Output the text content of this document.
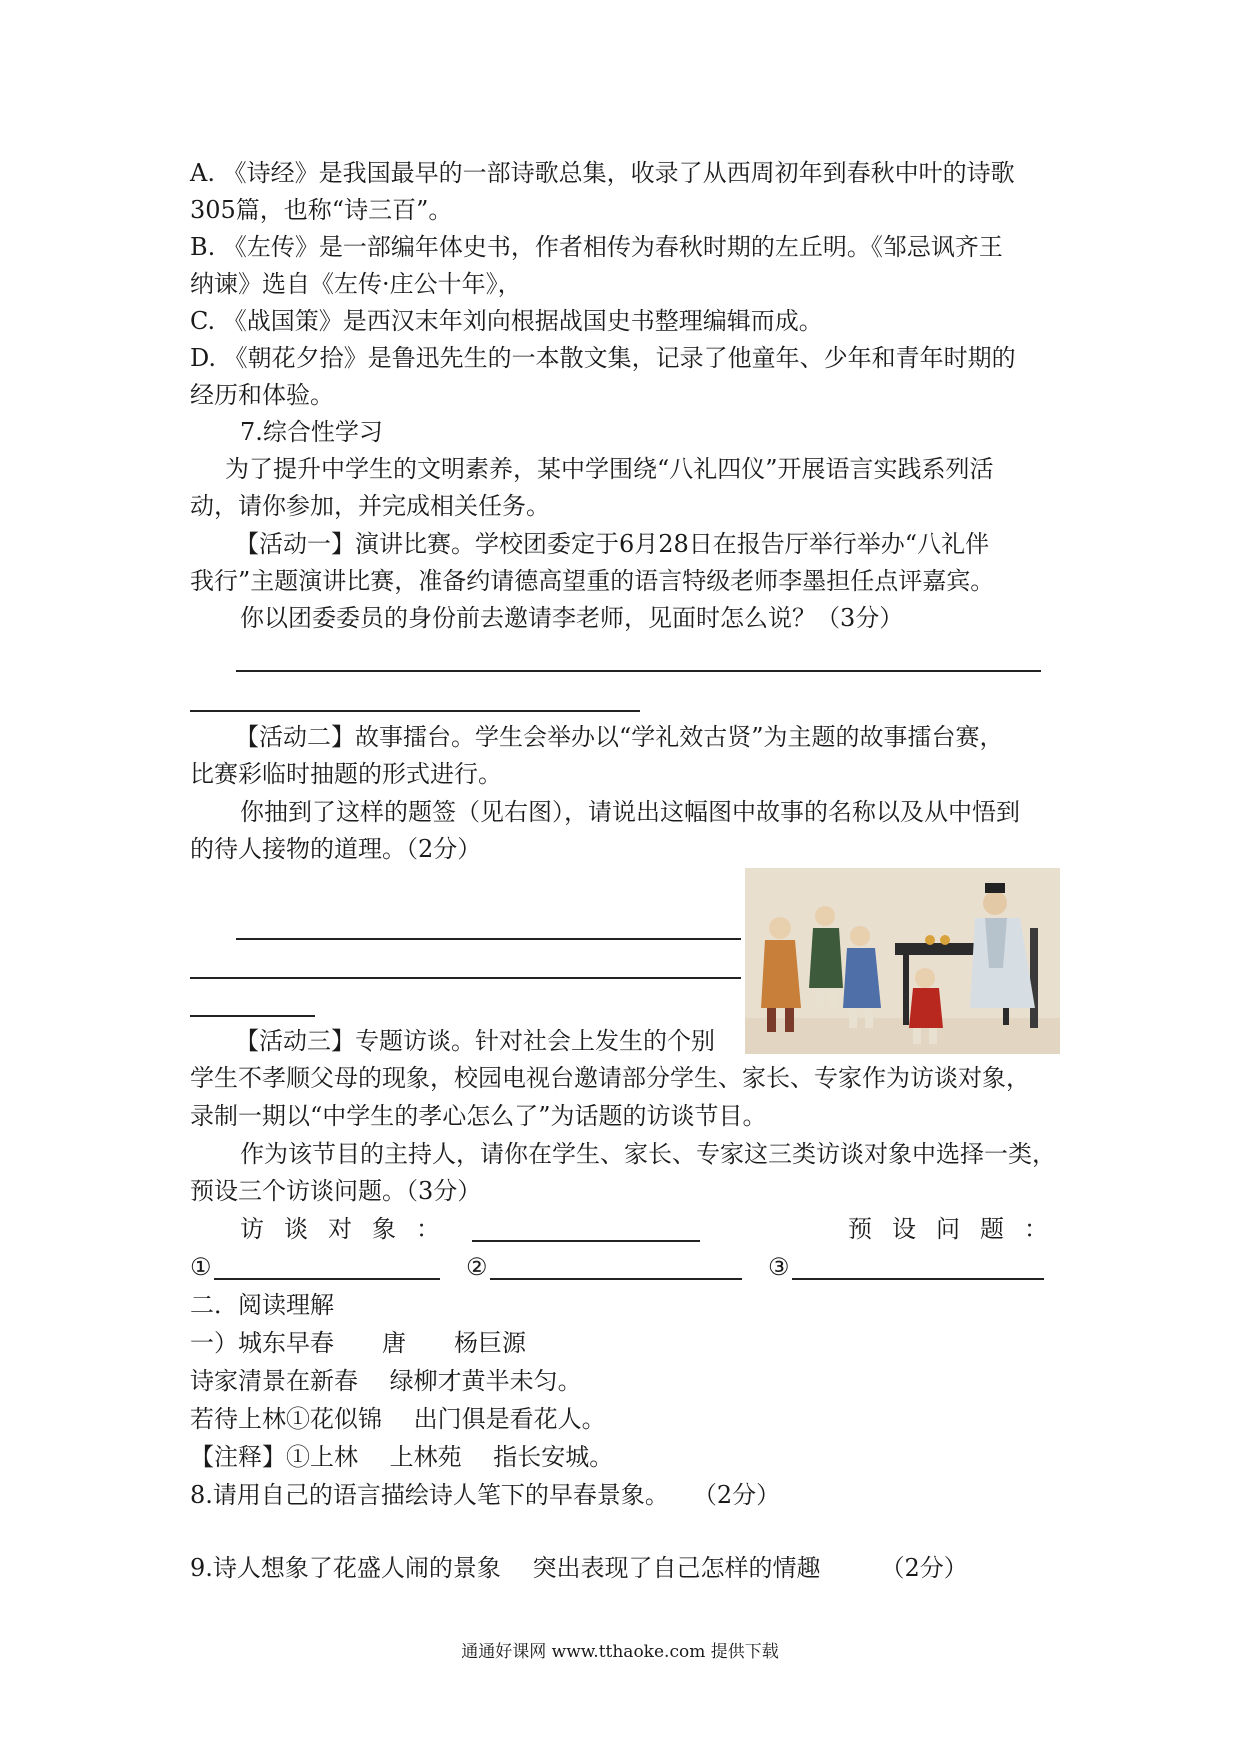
A. 《诗经》是我国最早的一部诗歌总集，收录了从西周初年到春秋中叶的诗歌
305篇，也称“诗三百”。
B. 《左传》是一部编年体史书，作者相传为春秋时期的左丘明。《邹忌讽齐王
纳谏》选自《左传·庄公十年》，
C. 《战国策》是西汉末年刘向根据战国史书整理编辑而成。
D. 《朝花夕拾》是鲁迅先生的一本散文集，记录了他童年、少年和青年时期的
经历和体验。
7.综合性学习
为了提升中学生的文明素养，某中学围绕“八礼四仪”开展语言实践系列活
动，请你参加，并完成相关任务。
【活动一】演讲比赛。学校团委定于6月28日在报告厅举行举办“八礼伴
我行”主题演讲比赛，准备约请德高望重的语言特级老师李墨担任点评嘉宾。
你以团委委员的身份前去邀请李老师，见面时怎么说？（3分）
【活动二】故事擂台。学生会举办以“学礼效古贤”为主题的故事擂台赛，
比赛彩临时抽题的形式进行。
你抽到了这样的题签（见右图），请说出这幅图中故事的名称以及从中悟到
的待人接物的道理。（2分）
【活动三】专题访谈。针对社会上发生的个别
学生不孝顺父母的现象，校园电视台邀请部分学生、家长、专家作为访谈对象，
录制一期以“中学生的孝心怎么了”为话题的访谈节目。
作为该节目的主持人，请你在学生、家长、专家这三类访谈对象中选择一类，
预设三个访谈问题。（3分）
访谈对象：	预设问题：
①	②	③
二．阅读理解
一）城东早春　　唐　　杨巨源
诗家清景在新春　 绿柳才黄半未匀。
若待上林①花似锦　 出门俱是看花人。
【注释】①上林　 上林苑　 指长安城。
8.请用自己的语言描绘诗人笔下的早春景象。　　（2分）
9.诗人想象了花盛人闹的景象　 突出表现了自己怎样的情趣　　　（2分）
通通好课网 www.tthaoke.com 提供下载
